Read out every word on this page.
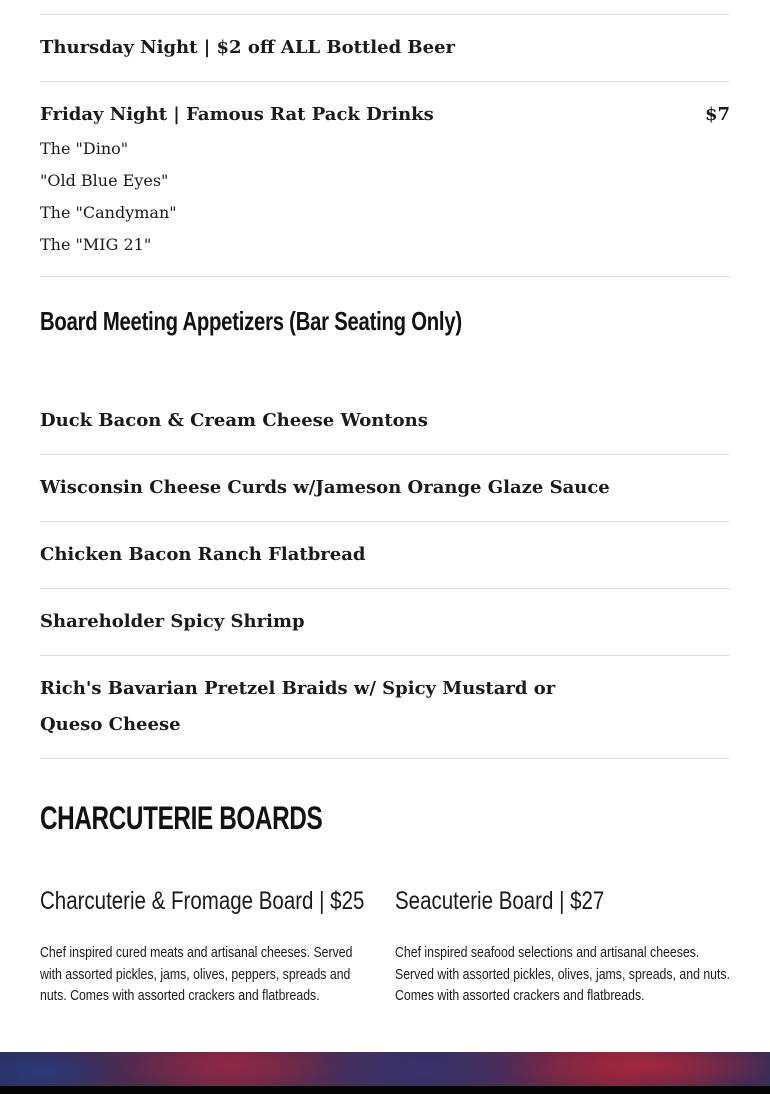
Thursday Night | $2 off ALL Bottled Beer
Friday Night | Famous Rat Pack Drinks	$7
The "Dino"
"Old Blue Eyes"
The "Candyman"
The "MIG 21"
Board Meeting Appetizers (Bar Seating Only)
Duck Bacon & Cream Cheese Wontons
Wisconsin Cheese Curds w/Jameson Orange Glaze Sauce
Chicken Bacon Ranch Flatbread
Shareholder Spicy Shrimp
Rich's Bavarian Pretzel Braids w/ Spicy Mustard or Queso Cheese
CHARCUTERIE BOARDS
Charcuterie & Fromage Board | $25
Chef inspired cured meats and artisanal cheeses. Served with assorted pickles, jams, olives, peppers, spreads and nuts. Comes with assorted crackers and flatbreads.
Seacuterie Board | $27
Chef inspired seafood selections and artisanal cheeses. Served with assorted pickles, olives, jams, spreads, and nuts. Comes with assorted crackers and flatbreads.
